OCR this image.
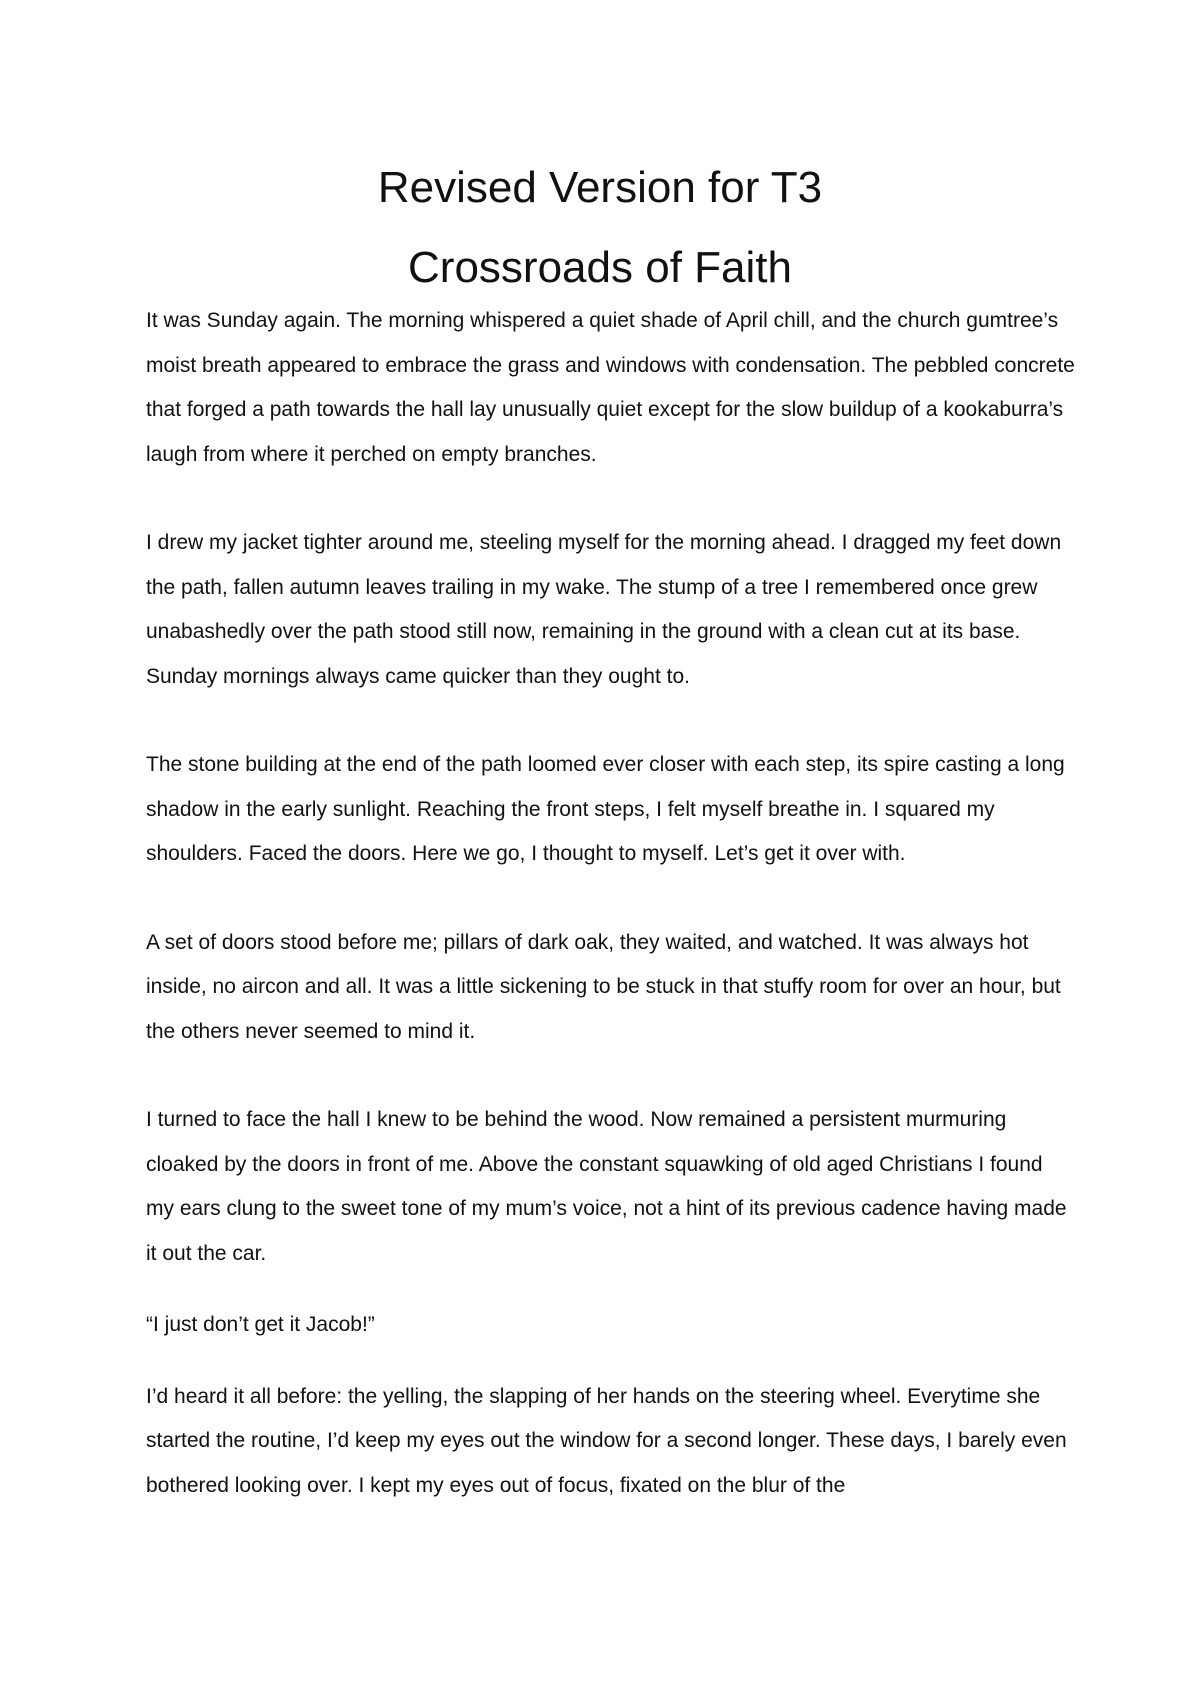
Revised Version for T3
Crossroads of Faith

It was Sunday again. The morning whispered a quiet shade of April chill, and the church gumtree’s moist breath appeared to embrace the grass and windows with condensation. The pebbled concrete that forged a path towards the hall lay unusually quiet except for the slow buildup of a kookaburra’s laugh from where it perched on empty branches.

I drew my jacket tighter around me, steeling myself for the morning ahead. I dragged my feet down the path, fallen autumn leaves trailing in my wake. The stump of a tree I remembered once grew unabashedly over the path stood still now, remaining in the ground with a clean cut at its base. Sunday mornings always came quicker than they ought to.

The stone building at the end of the path loomed ever closer with each step, its spire casting a long shadow in the early sunlight. Reaching the front steps, I felt myself breathe in. I squared my shoulders. Faced the doors. Here we go, I thought to myself. Let’s get it over with.

A set of doors stood before me; pillars of dark oak, they waited, and watched. It was always hot inside, no aircon and all. It was a little sickening to be stuck in that stuffy room for over an hour, but the others never seemed to mind it.

I turned to face the hall I knew to be behind the wood. Now remained a persistent murmuring cloaked by the doors in front of me. Above the constant squawking of old aged Christians I found my ears clung to the sweet tone of my mum’s voice, not a hint of its previous cadence having made it out the car.

“I just don’t get it Jacob!”

I’d heard it all before: the yelling, the slapping of her hands on the steering wheel. Everytime she started the routine, I’d keep my eyes out the window for a second longer. These days, I barely even bothered looking over. I kept my eyes out of focus, fixated on the blur of the
